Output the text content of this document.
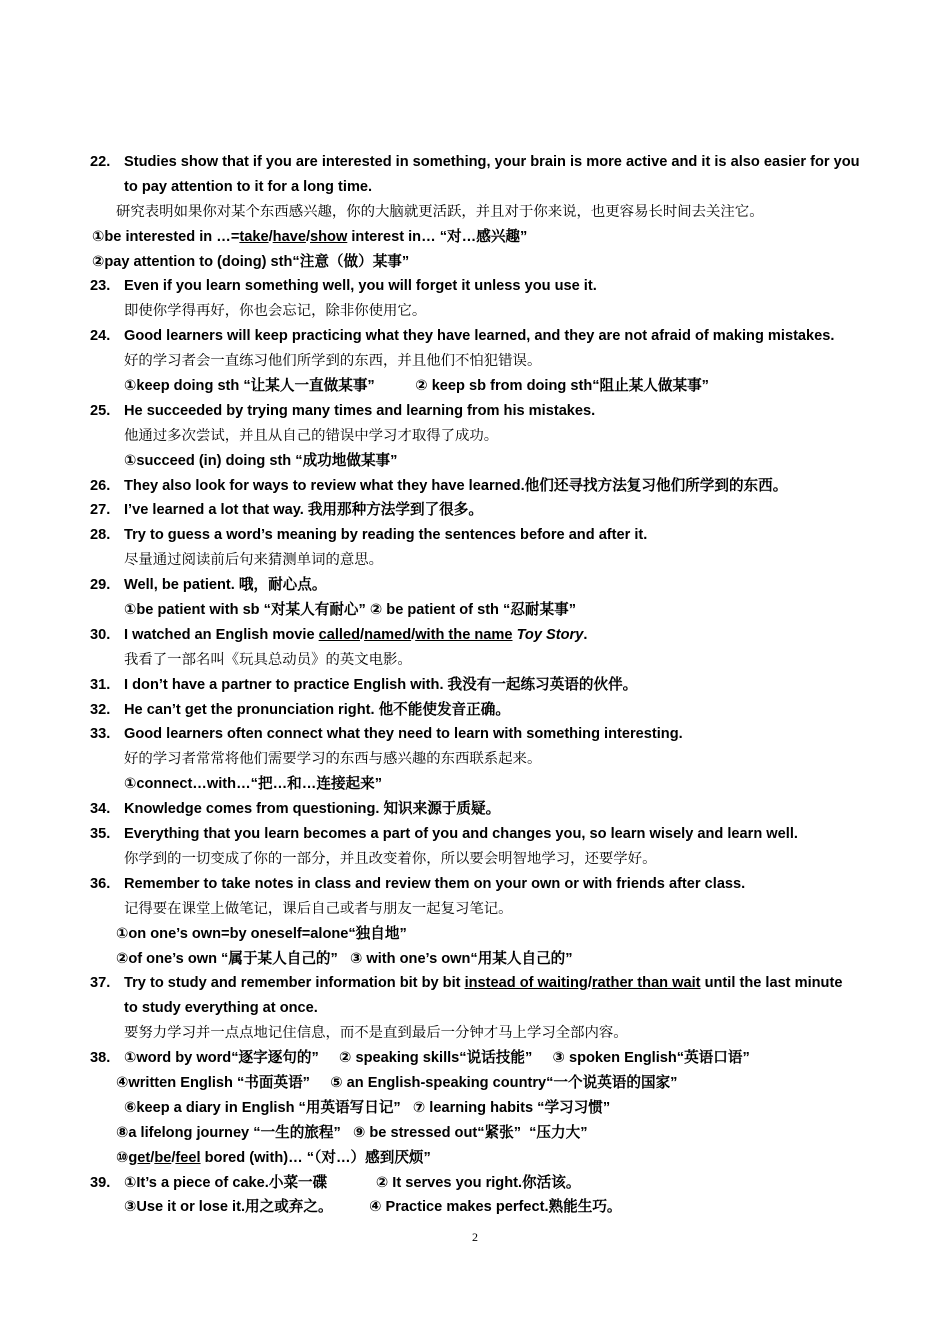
22. Studies show that if you are interested in something, your brain is more active and it is also easier for you
to pay attention to it for a long time.
研究表明如果你对某个东西感兴趣，你的大脑就更活跃，并且对于你来说，也更容易长时间去关注它。
①be interested in …=take/have/show interest in… “对…感兴趣”
②pay attention to (doing) sth“注意（做）某事”
23. Even if you learn something well, you will forget it unless you use it.
即使你学得再好，你也会忘记，除非你使用它。
24. Good learners will keep practicing what they have learned, and they are not afraid of making mistakes.
好的学习者会一直练习他们所学到的东西，并且他们不怕犯错误。
①keep doing sth “让某人一直做某事”          ② keep sb from doing sth“阻止某人做某事”
25. He succeeded by trying many times and learning from his mistakes.
他通过多次尝试，并且从自己的错误中学习才取得了成功。
①succeed (in) doing sth “成功地做某事”
26. They also look for ways to review what they have learned.他们还寻找方法复习他们所学到的东西。
27. I’ve learned a lot that way. 我用那种方法学到了很多。
28. Try to guess a word’s meaning by reading the sentences before and after it.
尽量通过阅读前后句来猜测单词的意思。
29. Well, be patient. 哦，耐心点。
①be patient with sb “对某人有耐心” ② be patient of sth “忍耐某事”
30. I watched an English movie called/named/with the name Toy Story.
我看了一部名叫《玩具总动员》的英文电影。
31. I don’t have a partner to practice English with. 我没有一起练习英语的伙伴。
32. He can’t get the pronunciation right. 他不能使发音正确。
33. Good learners often connect what they need to learn with something interesting.
好的学习者常常将他们需要学习的东西与感兴趣的东西联系起来。
①connect…with…“把…和…连接起来”
34. Knowledge comes from questioning. 知识来源于质疑。
35. Everything that you learn becomes a part of you and changes you, so learn wisely and learn well.
你学到的一切变成了你的一部分，并且改变着你，所以要会明智地学习，还要学好。
36. Remember to take notes in class and review them on your own or with friends after class.
记得要在课堂上做笔记，课后自己或者与朋友一起复习笔记。
①on one’s own=by oneself=alone“独自地”
②of one’s own “属于某人自己的”   ③ with one’s own“用某人自己的”
37. Try to study and remember information bit by bit instead of waiting/rather than wait until the last minute
to study everything at once.
要努力学习并一点点地记住信息，而不是直到最后一分钟才马上学习全部内容。
38. ①word by word“逐字逐句的”     ② speaking skills“说话技能”     ③ spoken English“英语口语”
④written English “书面英语”     ⑤ an English-speaking country“一个说英语的国家”
⑥keep a diary in English “用英语写日记”   ⑦ learning habits “学习习惯”
⑧a lifelong journey “一生的旅程”   ⑨ be stressed out“紧张”  “压力大”
⑩get/be/feel bored (with)… “（对…）感到厌烦”
39. ①It’s a piece of cake.小菜一碟            ② It serves you right.你活该。
③Use it or lose it.用之或弃之。         ④ Practice makes perfect.熟能生巧。
2
